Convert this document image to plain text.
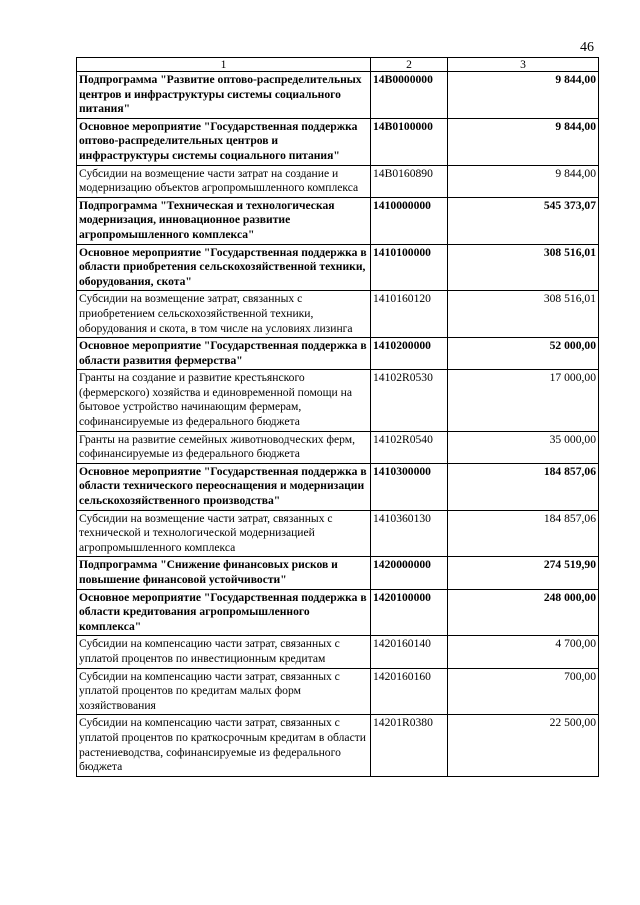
46
1	2	3
Подпрограмма "Развитие оптово-распределительных центров и инфраструктуры системы социального питания"	14В0000000	9 844,00
Основное мероприятие "Государственная поддержка оптово-распределительных центров и инфраструктуры системы социального питания"	14В0100000	9 844,00
Субсидии на возмещение части затрат на создание и модернизацию объектов агропромышленного комплекса	14В0160890	9 844,00
Подпрограмма "Техническая и технологическая модернизация, инновационное развитие агропромышленного комплекса"	1410000000	545 373,07
Основное мероприятие "Государственная поддержка в области приобретения сельскохозяйственной техники, оборудования, скота"	1410100000	308 516,01
Субсидии на возмещение затрат, связанных с приобретением сельскохозяйственной техники, оборудования и скота, в том числе на условиях лизинга	1410160120	308 516,01
Основное мероприятие "Государственная поддержка в области развития фермерства"	1410200000	52 000,00
Гранты на создание и развитие крестьянского (фермерского) хозяйства и единовременной помощи на бытовое устройство начинающим фермерам, софинансируемые из федерального бюджета	14102R0530	17 000,00
Гранты на развитие семейных животноводческих ферм, софинансируемые из федерального бюджета	14102R0540	35 000,00
Основное мероприятие "Государственная поддержка в области технического переоснащения и модернизации сельскохозяйственного производства"	1410300000	184 857,06
Субсидии на возмещение части затрат, связанных с технической и технологической модернизацией агропромышленного комплекса	1410360130	184 857,06
Подпрограмма "Снижение финансовых рисков и повышение финансовой устойчивости"	1420000000	274 519,90
Основное мероприятие "Государственная поддержка в области кредитования агропромышленного комплекса"	1420100000	248 000,00
Субсидии на компенсацию части затрат, связанных с уплатой процентов по инвестиционным кредитам	1420160140	4 700,00
Субсидии на компенсацию части затрат, связанных с уплатой процентов по кредитам малых форм хозяйствования	1420160160	700,00
Субсидии на компенсацию части затрат, связанных с уплатой процентов по краткосрочным кредитам в области растениеводства, софинансируемые из федерального бюджета	14201R0380	22 500,00
